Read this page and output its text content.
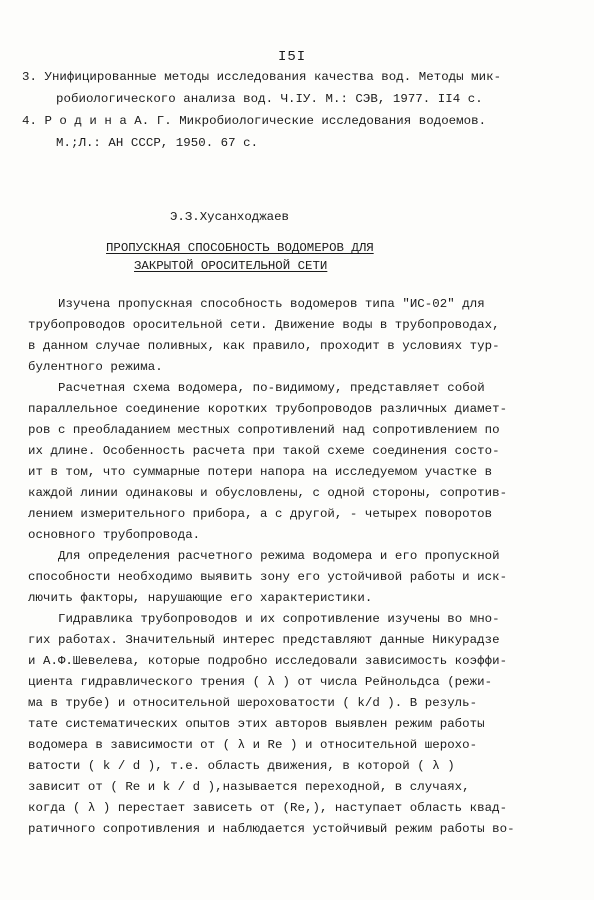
I5I
3. Унифицированные методы исследования качества вод. Методы мик-
робиологического анализа вод. Ч.IУ. М.: СЭВ, 1977. II4 с.
4. Р о д и н а А. Г. Микробиологические исследования водоемов.
М.;Л.: АН СССР, 1950. 67 с.
Э.З.Хусанходжаев
ПРОПУСКНАЯ СПОСОБНОСТЬ ВОДОМЕРОВ ДЛЯ
ЗАКРЫТОЙ ОРОСИТЕЛЬНОЙ СЕТИ
Изучена пропускная способность водомеров типа "ИС-02" для
трубопроводов оросительной сети. Движение воды в трубопроводах,
в данном случае поливных, как правило, проходит в условиях тур-
булентного режима.
Расчетная схема водомера, по-видимому, представляет собой
параллельное соединение коротких трубопроводов различных диамет-
ров с преобладанием местных сопротивлений над сопротивлением по
их длине. Особенность расчета при такой схеме соединения состо-
ит в том, что суммарные потери напора на исследуемом участке в
каждой линии одинаковы и обусловлены, с одной стороны, сопротив-
лением измерительного прибора, а с другой, - четырех поворотов
основного трубопровода.
Для определения расчетного режима водомера и его пропускной
способности необходимо выявить зону его устойчивой работы и иск-
лючить факторы, нарушающие его характеристики.
Гидравлика трубопроводов и их сопротивление изучены во мно-
гих работах. Значительный интерес представляют данные Никурадзе
и А.Ф.Шевелева, которые подробно исследовали зависимость коэффи-
циента гидравлического трения ( λ ) от числа Рейнольдса (режи-
ма в трубе) и относительной шероховатости ( k/d ). В резуль-
тате систематических опытов этих авторов выявлен режим работы
водомера в зависимости от ( λ и Re ) и относительной шерохо-
ватости ( k / d ), т.е. область движения, в которой ( λ )
зависит от ( Re и k / d ),называется переходной, в случаях,
когда ( λ ) перестает зависеть от (Re,), наступает область квад-
ратичного сопротивления и наблюдается устойчивый режим работы во-
